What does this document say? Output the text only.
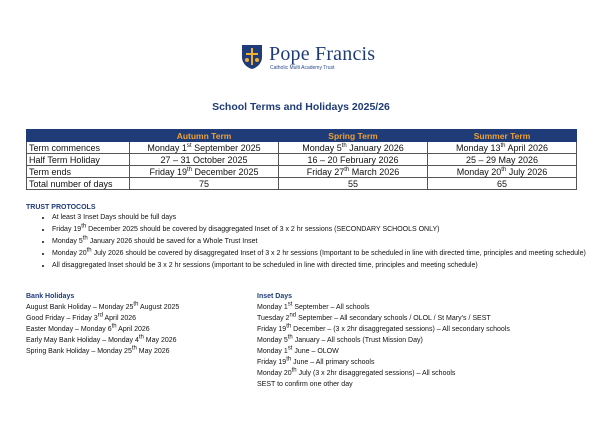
Pope Francis
Catholic Multi Academy Trust
School Terms and Holidays 2025/26
	Autumn Term	Spring Term	Summer Term
Term commences	Monday 1st September 2025	Monday 5th January 2026	Monday 13th April 2026
Half Term Holiday	27 – 31 October 2025	16 – 20 February 2026	25 – 29 May 2026
Term ends	Friday 19th December 2025	Friday 27th March 2026	Monday 20th July 2026
Total number of days	75	55	65
TRUST PROTOCOLS
• At least 3 Inset Days should be full days
• Friday 19th December 2025 should be covered by disaggregated Inset of 3 x 2 hr sessions (SECONDARY SCHOOLS ONLY)
• Monday 5th January 2026 should be saved for a Whole Trust Inset
• Monday 20th July 2026 should be covered by disaggregated Inset of 3 x 2 hr sessions (Important to be scheduled in line with directed time, principles and meeting schedule)
• All disaggregated Inset should be 3 x 2 hr sessions (important to be scheduled in line with directed time, principles and meeting schedule)
Bank Holidays
August Bank Holiday – Monday 25th August 2025
Good Friday – Friday 3rd April 2026
Easter Monday – Monday 6th April 2026
Early May Bank Holiday – Monday 4th May 2026
Spring Bank Holiday – Monday 25th May 2026
Inset Days
Monday 1st September – All schools
Tuesday 2nd September – All secondary schools / OLOL / St Mary’s / SEST
Friday 19th December – (3 x 2hr disaggregated sessions) – All secondary schools
Monday 5th January – All schools (Trust Mission Day)
Monday 1st June – OLOW
Friday 19th June – All primary schools
Monday 20th July (3 x 2hr disaggregated sessions) – All schools
SEST to confirm one other day
